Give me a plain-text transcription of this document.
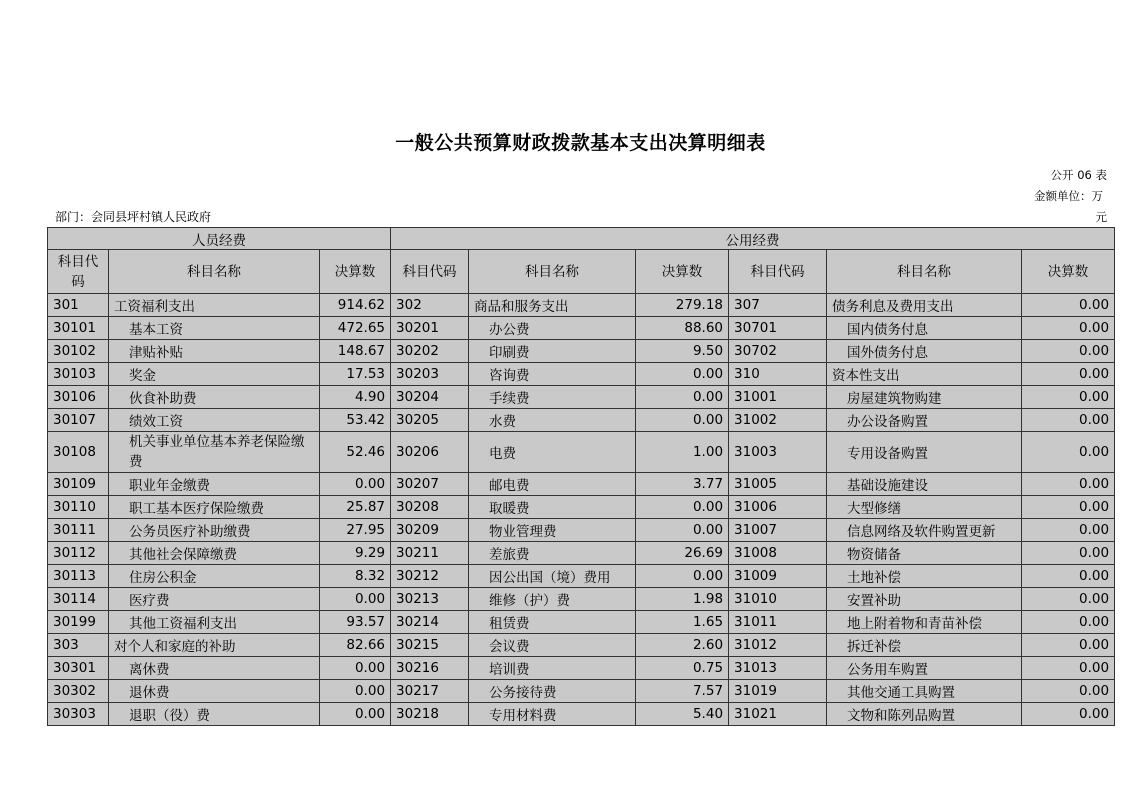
一般公共预算财政拨款基本支出决算明细表
公开 06 表
金额单位：万
元
部门：会同县坪村镇人民政府
人员经费			公用经费					
科目代码	科目名称	决算数	科目代码	科目名称	决算数	科目代码	科目名称	决算数
301	工资福利支出	914.62	302	商品和服务支出	279.18	307	债务利息及费用支出	0.00
30101	基本工资	472.65	30201	办公费	88.60	30701	国内债务付息	0.00
30102	津贴补贴	148.67	30202	印刷费	9.50	30702	国外债务付息	0.00
30103	奖金	17.53	30203	咨询费	0.00	310	资本性支出	0.00
30106	伙食补助费	4.90	30204	手续费	0.00	31001	房屋建筑物购建	0.00
30107	绩效工资	53.42	30205	水费	0.00	31002	办公设备购置	0.00
30108	机关事业单位基本养老保险缴费	52.46	30206	电费	1.00	31003	专用设备购置	0.00
30109	职业年金缴费	0.00	30207	邮电费	3.77	31005	基础设施建设	0.00
30110	职工基本医疗保险缴费	25.87	30208	取暖费	0.00	31006	大型修缮	0.00
30111	公务员医疗补助缴费	27.95	30209	物业管理费	0.00	31007	信息网络及软件购置更新	0.00
30112	其他社会保障缴费	9.29	30211	差旅费	26.69	31008	物资储备	0.00
30113	住房公积金	8.32	30212	因公出国（境）费用	0.00	31009	土地补偿	0.00
30114	医疗费	0.00	30213	维修（护）费	1.98	31010	安置补助	0.00
30199	其他工资福利支出	93.57	30214	租赁费	1.65	31011	地上附着物和青苗补偿	0.00
303	对个人和家庭的补助	82.66	30215	会议费	2.60	31012	拆迁补偿	0.00
30301	离休费	0.00	30216	培训费	0.75	31013	公务用车购置	0.00
30302	退休费	0.00	30217	公务接待费	7.57	31019	其他交通工具购置	0.00
30303	退职（役）费	0.00	30218	专用材料费	5.40	31021	文物和陈列品购置	0.00
